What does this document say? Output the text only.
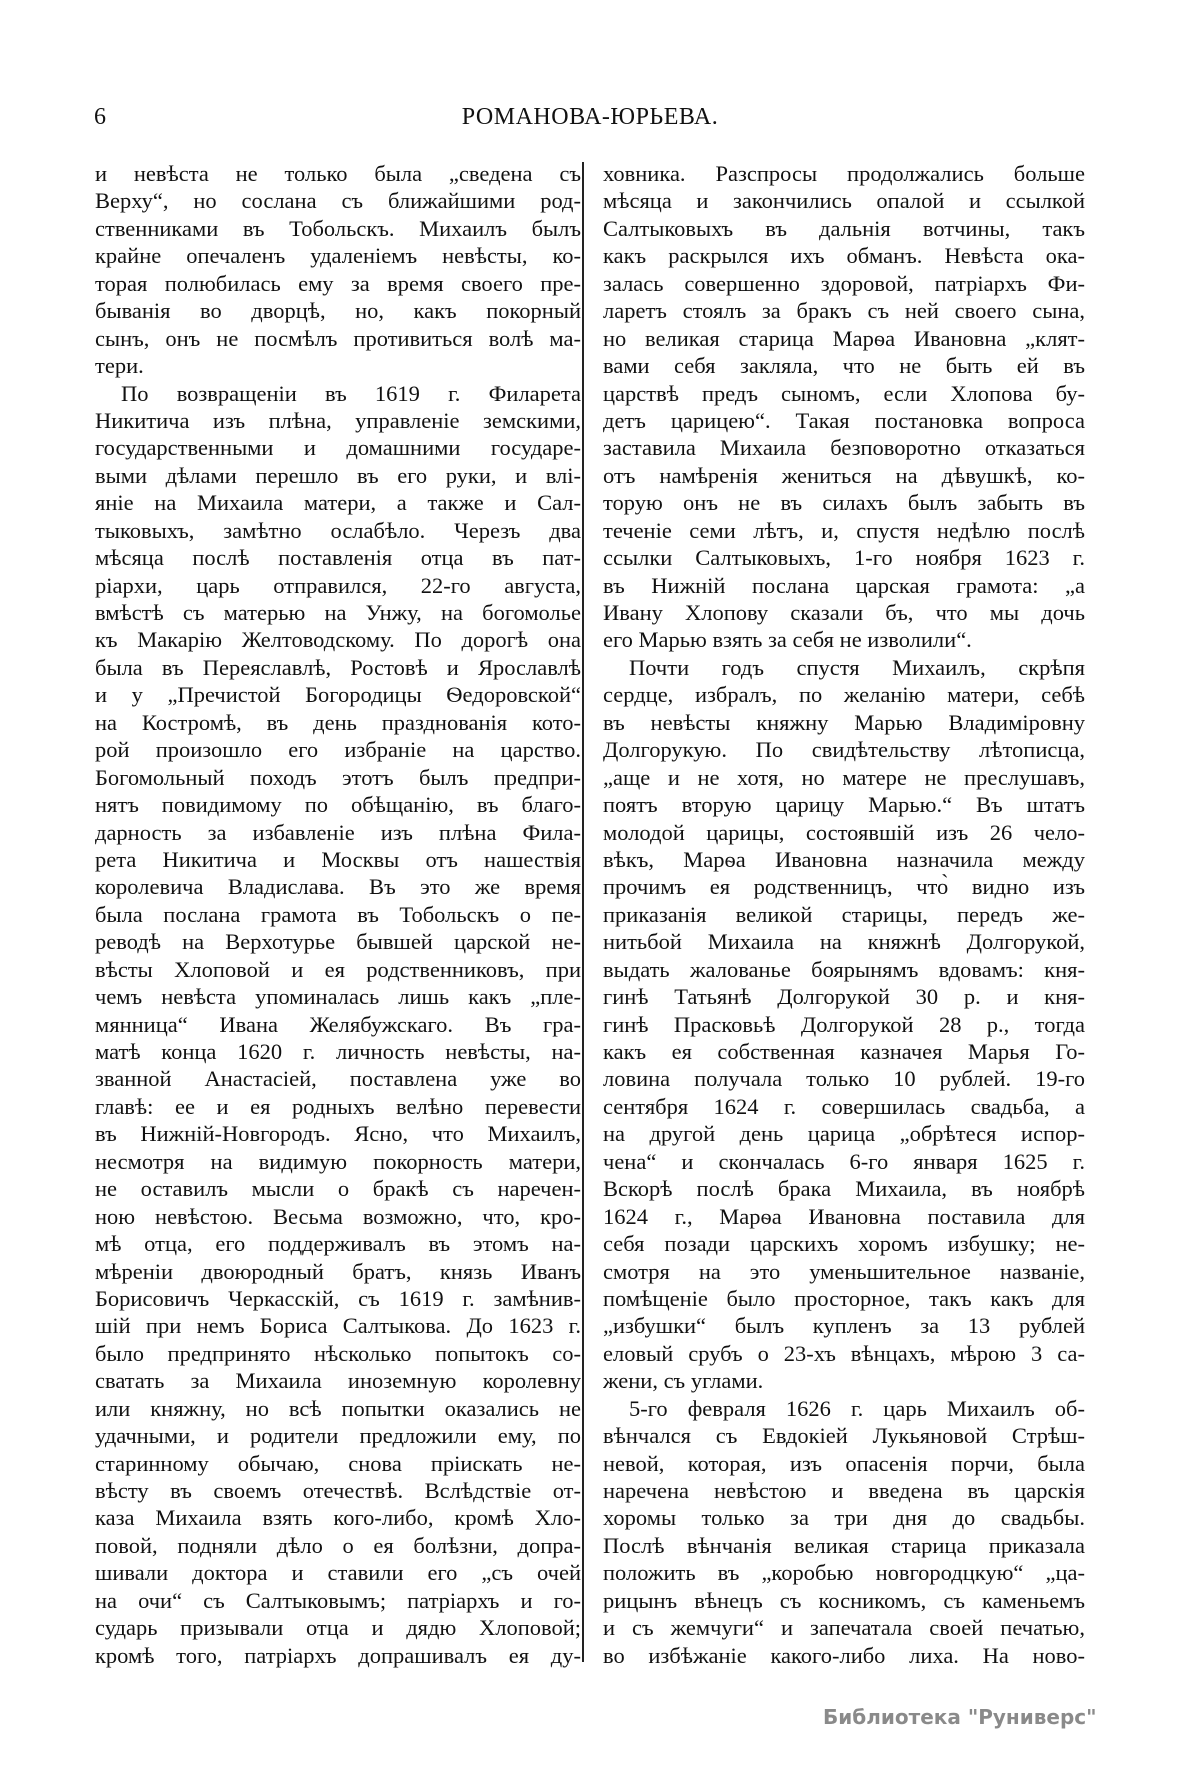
6	РОМАНОВА-ЮРЬЕВА.
и невѣста не только была „сведена съ
Верху“, но сослана съ ближайшими род-
ственниками въ Тобольскъ. Михаилъ былъ
крайне опечаленъ удаленіемъ невѣсты, ко-
торая полюбилась ему за время своего пре-
быванія во дворцѣ, но, какъ покорный
сынъ, онъ не посмѣлъ противиться волѣ ма-
тери.
По возвращеніи въ 1619 г. Филарета
Никитича изъ плѣна, управленіе земскими,
государственными и домашними государе-
выми дѣлами перешло въ его руки, и влі-
яніе на Михаила матери, а также и Сал-
тыковыхъ, замѣтно ослабѣло. Черезъ два
мѣсяца послѣ поставленія отца въ пат-
ріархи, царь отправился, 22-го августа,
вмѣстѣ съ матерью на Унжу, на богомолье
къ Макарію Желтоводскому. По дорогѣ она
была въ Переяславлѣ, Ростовѣ и Ярославлѣ
и у „Пречистой Богородицы Ѳедоровской“
на Костромѣ, въ день празднованія кото-
рой произошло его избраніе на царство.
Богомольный походъ этотъ былъ предпри-
нятъ повидимому по обѣщанію, въ благо-
дарность за избавленіе изъ плѣна Фила-
рета Никитича и Москвы отъ нашествія
королевича Владислава. Въ это же время
была послана грамота въ Тобольскъ о пе-
реводѣ на Верхотурье бывшей царской не-
вѣсты Хлоповой и ея родственниковъ, при
чемъ невѣста упоминалась лишь какъ „пле-
мянница“ Ивана Желябужскаго. Въ гра-
матѣ конца 1620 г. личность невѣсты, на-
званной Анастасіей, поставлена уже во
главѣ: ее и ея родныхъ велѣно перевести
въ Нижній-Новгородъ. Ясно, что Михаилъ,
несмотря на видимую покорность матери,
не оставилъ мысли о бракѣ съ наречен-
ною невѣстою. Весьма возможно, что, кро-
мѣ отца, его поддерживалъ въ этомъ на-
мѣреніи двоюродный братъ, князь Иванъ
Борисовичъ Черкасскій, съ 1619 г. замѣнив-
шій при немъ Бориса Салтыкова. До 1623 г.
было предпринято нѣсколько попытокъ со-
сватать за Михаила иноземную королевну
или княжну, но всѣ попытки оказались не
удачными, и родители предложили ему, по
старинному обычаю, снова пріискать не-
вѣсту въ своемъ отечествѣ. Вслѣдствіе от-
каза Михаила взять кого-либо, кромѣ Хло-
повой, подняли дѣло о ея болѣзни, допра-
шивали доктора и ставили его „съ очей
на очи“ съ Салтыковымъ; патріархъ и го-
сударь призывали отца и дядю Хлоповой;
кромѣ того, патріархъ допрашивалъ ея ду-
ховника. Разспросы продолжались больше
мѣсяца и закончились опалой и ссылкой
Салтыковыхъ въ дальнія вотчины, такъ
какъ раскрылся ихъ обманъ. Невѣста ока-
залась совершенно здоровой, патріархъ Фи-
ларетъ стоялъ за бракъ съ ней своего сына,
но великая старица Марѳа Ивановна „клят-
вами себя закляла, что не быть ей въ
царствѣ предъ сыномъ, если Хлопова бу-
детъ царицею“. Такая постановка вопроса
заставила Михаила безповоротно отказаться
отъ намѣренія жениться на дѣвушкѣ, ко-
торую онъ не въ силахъ былъ забыть въ
теченіе семи лѣтъ, и, спустя недѣлю послѣ
ссылки Салтыковыхъ, 1-го ноября 1623 г.
въ Нижній послана царская грамота: „а
Ивану Хлопову сказали бъ, что мы дочь
его Марью взять за себя не изволили“.
Почти годъ спустя Михаилъ, скрѣпя
сердце, избралъ, по желанію матери, себѣ
въ невѣсты княжну Марью Владиміровну
Долгорукую. По свидѣтельству лѣтописца,
„аще и не хотя, но матере не преслушавъ,
поятъ вторую царицу Марью.“ Въ штатъ
молодой царицы, состоявшій изъ 26 чело-
вѣкъ, Марѳа Ивановна назначила между
прочимъ ея родственницъ, что̀ видно изъ
приказанія великой старицы, передъ же-
нитьбой Михаила на княжнѣ Долгорукой,
выдать жалованье боярынямъ вдовамъ: кня-
гинѣ Татьянѣ Долгорукой 30 р. и кня-
гинѣ Прасковьѣ Долгорукой 28 р., тогда
какъ ея собственная казначея Марья Го-
ловина получала только 10 рублей. 19-го
сентября 1624 г. совершилась свадьба, а
на другой день царица „обрѣтеся испор-
чена“ и скончалась 6-го января 1625 г.
Вскорѣ послѣ брака Михаила, въ ноябрѣ
1624 г., Марѳа Ивановна поставила для
себя позади царскихъ хоромъ избушку; не-
смотря на это уменьшительное названіе,
помѣщеніе было просторное, такъ какъ для
„избушки“ былъ купленъ за 13 рублей
еловый срубъ о 23-хъ вѣнцахъ, мѣрою 3 са-
жени, съ углами.
5-го февраля 1626 г. царь Михаилъ об-
вѣнчался съ Евдокіей Лукьяновой Стрѣш-
невой, которая, изъ опасенія порчи, была
наречена невѣстою и введена въ царскія
хоромы только за три дня до свадьбы.
Послѣ вѣнчанія великая старица приказала
положить въ „коробью новгородцкую“ „ца-
рицынъ вѣнецъ съ косникомъ, съ каменьемъ
и съ жемчуги“ и запечатала своей печатью,
во избѣжаніе какого-либо лиха. На ново-
Библиотека "Руниверс"
